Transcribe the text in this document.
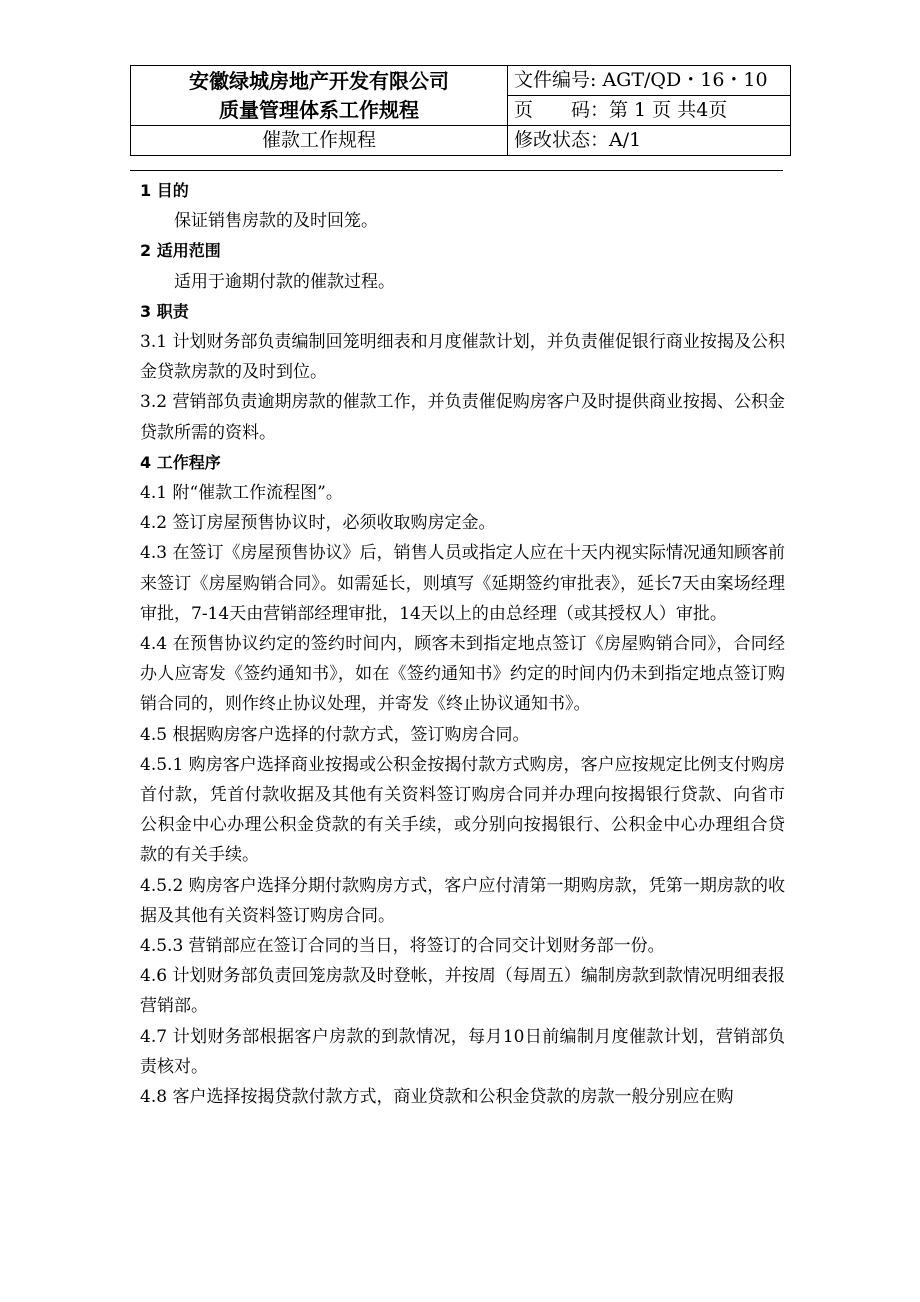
安徽绿城房地产开发有限公司
质量管理体系工作规程	文件编号: AGT/QD・16・10
	页　　码：第 1 页 共4页
催款工作规程	修改状态：A/1

1 目的

保证销售房款的及时回笼。

2 适用范围

适用于逾期付款的催款过程。

3 职责

3.1 计划财务部负责编制回笼明细表和月度催款计划，并负责催促银行商业按揭及公积金贷款房款的及时到位。

3.2 营销部负责逾期房款的催款工作，并负责催促购房客户及时提供商业按揭、公积金贷款所需的资料。

4 工作程序

4.1 附“催款工作流程图”。

4.2 签订房屋预售协议时，必须收取购房定金。

4.3 在签订《房屋预售协议》后，销售人员或指定人应在十天内视实际情况通知顾客前来签订《房屋购销合同》。如需延长，则填写《延期签约审批表》，延长7天由案场经理审批，7-14天由营销部经理审批，14天以上的由总经理（或其授权人）审批。

4.4 在预售协议约定的签约时间内，顾客未到指定地点签订《房屋购销合同》，合同经办人应寄发《签约通知书》，如在《签约通知书》约定的时间内仍未到指定地点签订购销合同的，则作终止协议处理，并寄发《终止协议通知书》。

4.5 根据购房客户选择的付款方式，签订购房合同。

4.5.1 购房客户选择商业按揭或公积金按揭付款方式购房，客户应按规定比例支付购房首付款，凭首付款收据及其他有关资料签订购房合同并办理向按揭银行贷款、向省市公积金中心办理公积金贷款的有关手续，或分别向按揭银行、公积金中心办理组合贷款的有关手续。

4.5.2 购房客户选择分期付款购房方式，客户应付清第一期购房款，凭第一期房款的收据及其他有关资料签订购房合同。

4.5.3 营销部应在签订合同的当日，将签订的合同交计划财务部一份。

4.6 计划财务部负责回笼房款及时登帐，并按周（每周五）编制房款到款情况明细表报营销部。

4.7 计划财务部根据客户房款的到款情况，每月10日前编制月度催款计划，营销部负责核对。

4.8 客户选择按揭贷款付款方式，商业贷款和公积金贷款的房款一般分别应在购
